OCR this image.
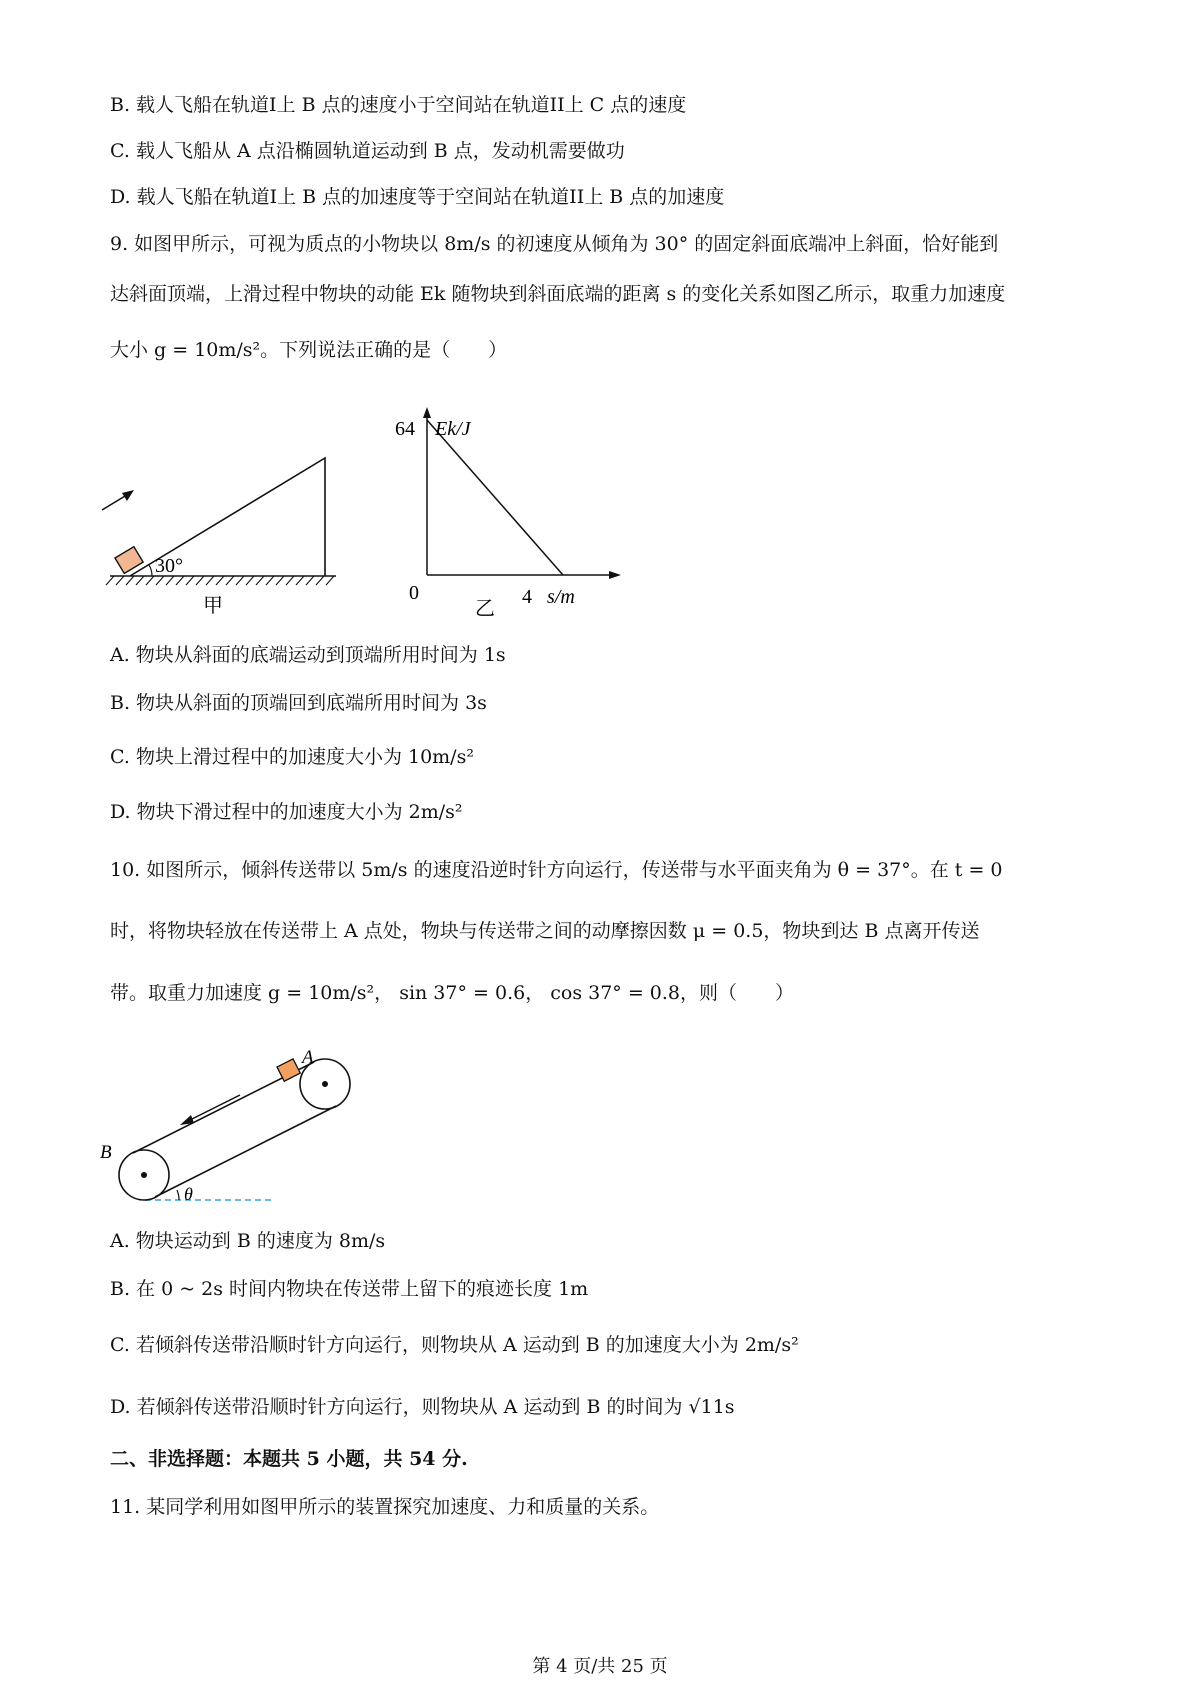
B. 载人飞船在轨道I上 B 点的速度小于空间站在轨道II上 C 点的速度
C. 载人飞船从 A 点沿椭圆轨道运动到 B 点，发动机需要做功
D. 载人飞船在轨道I上 B 点的加速度等于空间站在轨道II上 B 点的加速度
9. 如图甲所示，可视为质点的小物块以 8m/s 的初速度从倾角为 30° 的固定斜面底端冲上斜面，恰好能到
达斜面顶端，上滑过程中物块的动能 Ek 随物块到斜面底端的距离 s 的变化关系如图乙所示，取重力加速度
大小 g = 10m/s²。下列说法正确的是（　　）
30°
甲
Ek/J
64
0	4 s/m
乙
A. 物块从斜面的底端运动到顶端所用时间为 1s
B. 物块从斜面的顶端回到底端所用时间为 3s
C. 物块上滑过程中的加速度大小为 10m/s²
D. 物块下滑过程中的加速度大小为 2m/s²
10. 如图所示，倾斜传送带以 5m/s 的速度沿逆时针方向运行，传送带与水平面夹角为 θ = 37°。在 t = 0
时，将物块轻放在传送带上 A 点处，物块与传送带之间的动摩擦因数 μ = 0.5，物块到达 B 点离开传送
带。取重力加速度 g = 10m/s²， sin 37° = 0.6， cos 37° = 0.8，则（　　）
A
B
θ
A. 物块运动到 B 的速度为 8m/s
B. 在 0 ~ 2s 时间内物块在传送带上留下的痕迹长度 1m
C. 若倾斜传送带沿顺时针方向运行，则物块从 A 运动到 B 的加速度大小为 2m/s²
D. 若倾斜传送带沿顺时针方向运行，则物块从 A 运动到 B 的时间为 √11s
二、非选择题：本题共 5 小题，共 54 分.
11. 某同学利用如图甲所示的装置探究加速度、力和质量的关系。
第 4 页/共 25 页
